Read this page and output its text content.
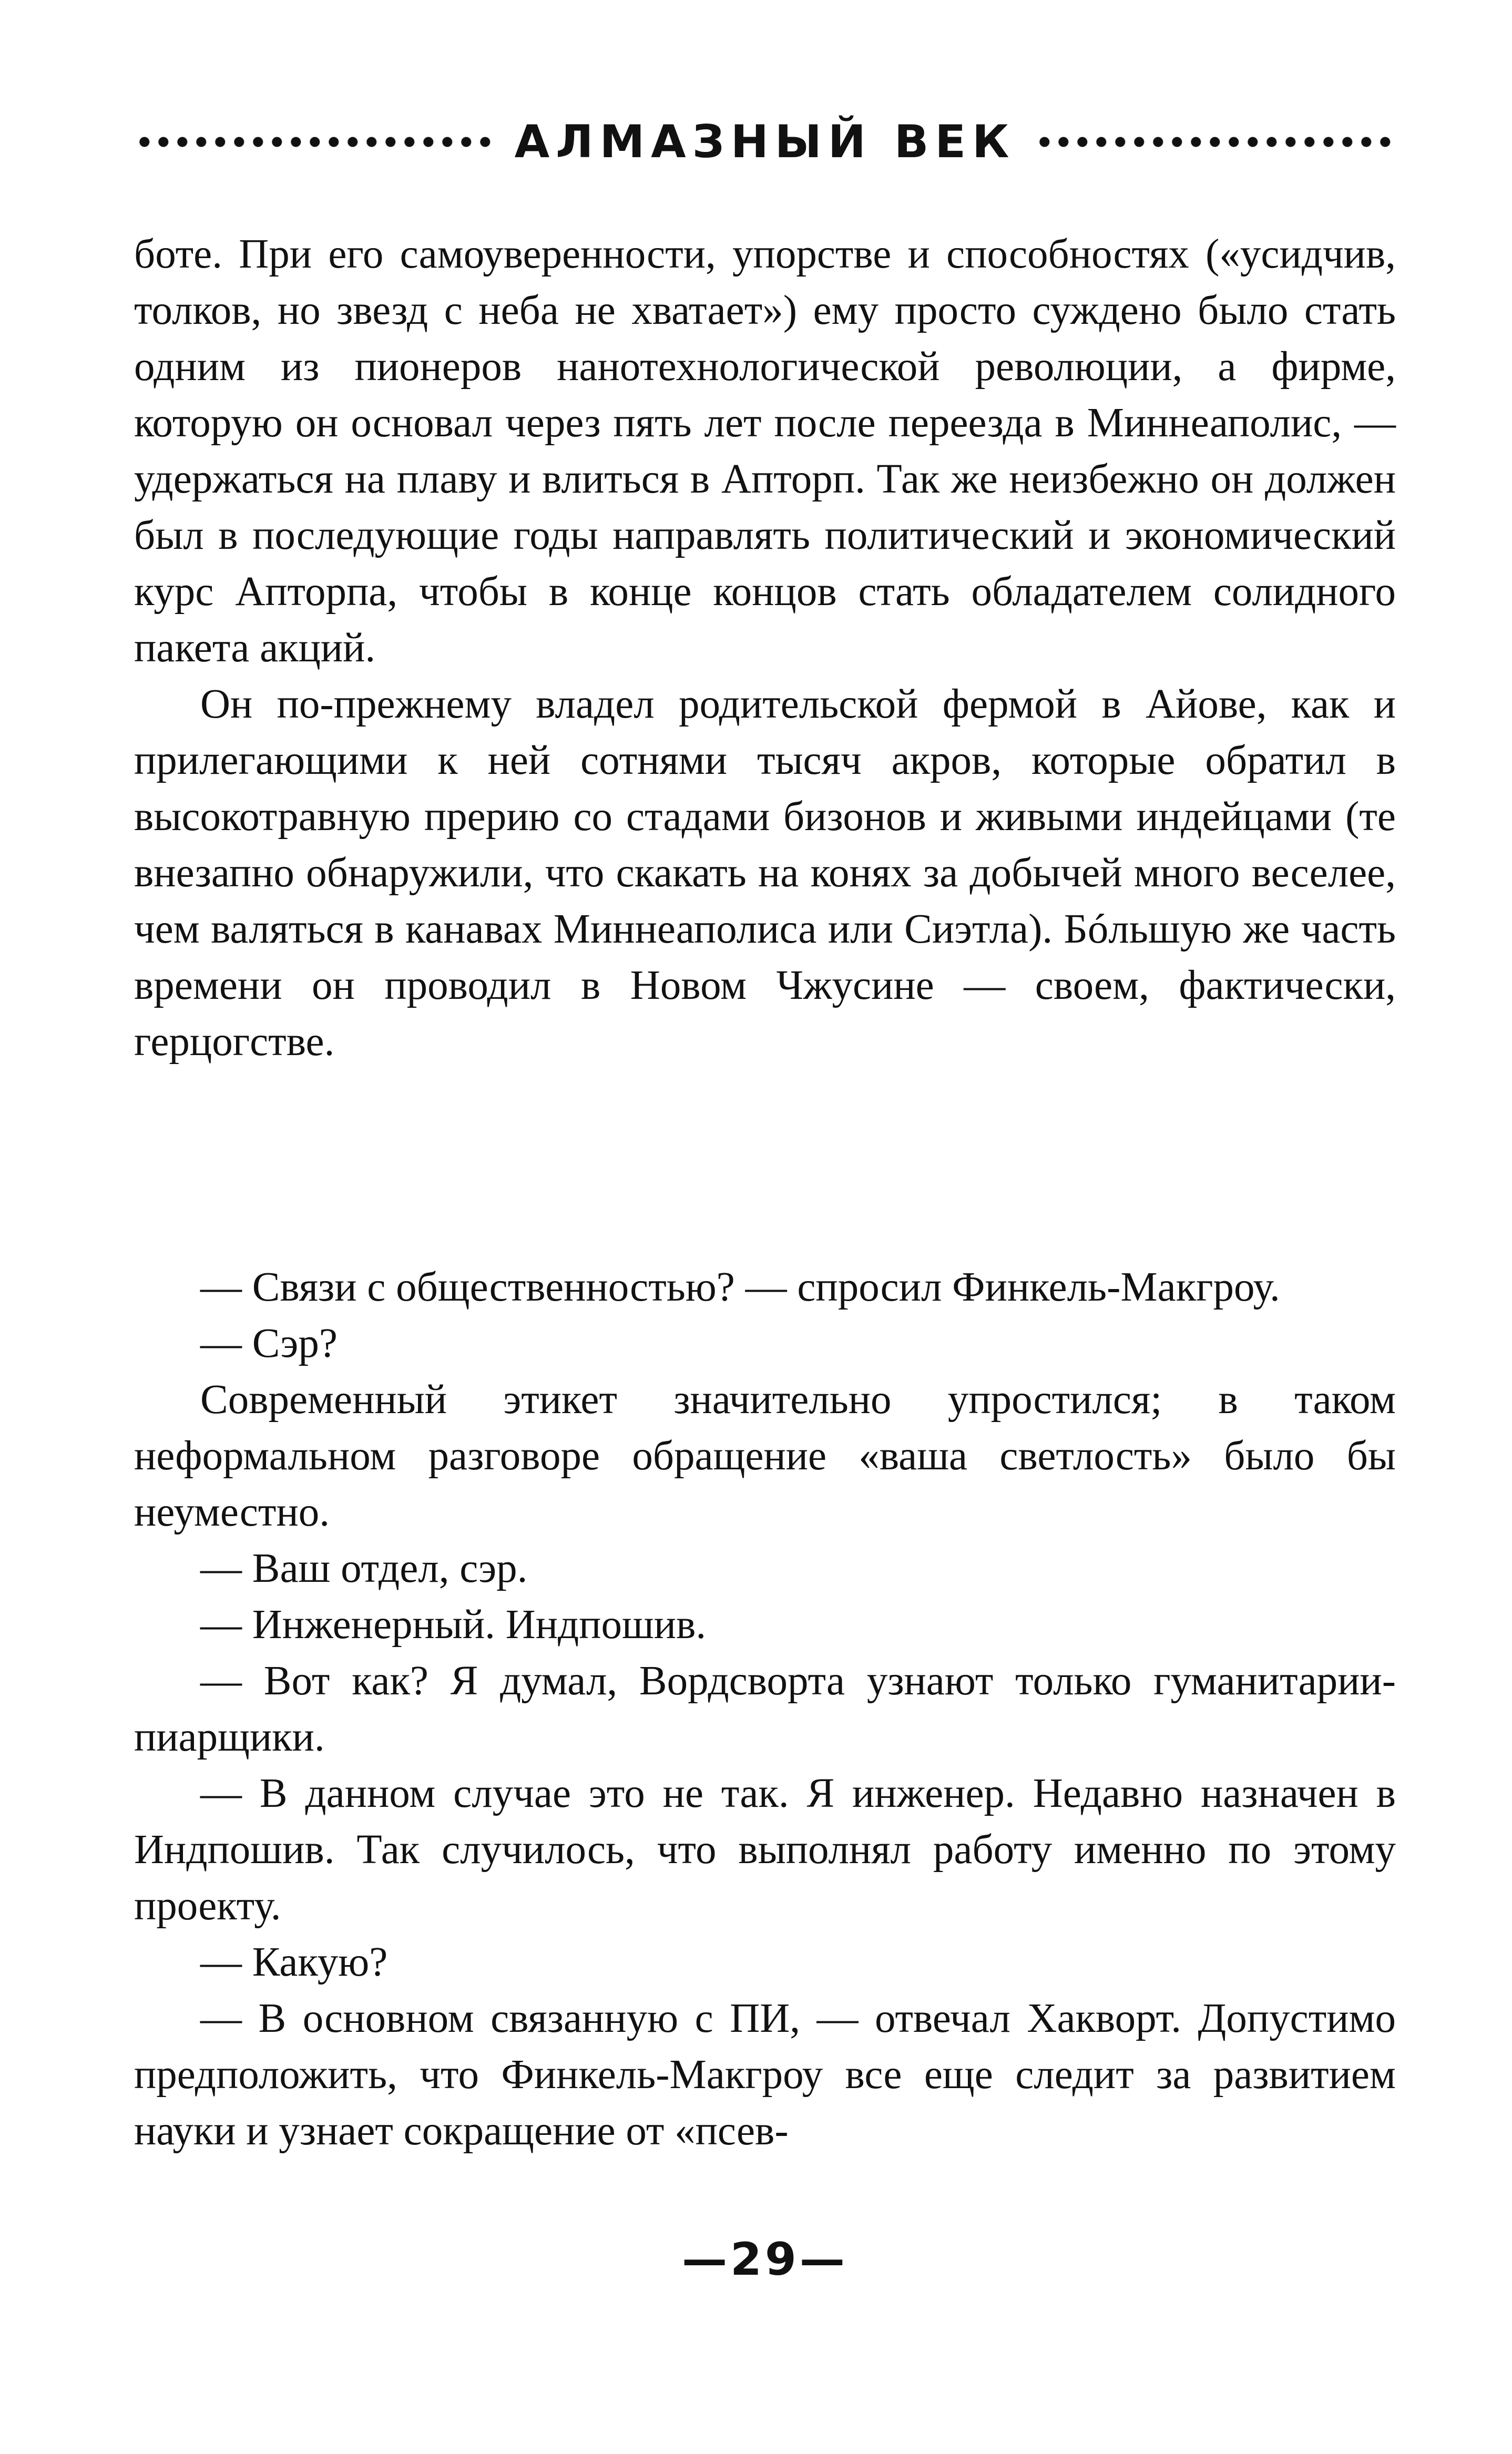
АЛМАЗНЫЙ ВЕК

боте. При его самоуверенности, упорстве и способностях («усидчив, толков, но звезд с неба не хватает») ему просто суждено было стать одним из пионеров нанотехнологической революции, а фирме, которую он основал через пять лет после переезда в Миннеаполис, — удержаться на плаву и влиться в Апторп. Так же неизбежно он должен был в последующие годы направлять политический и экономический курс Апторпа, чтобы в конце концов стать обладателем солидного пакета акций.

Он по-прежнему владел родительской фермой в Айове, как и прилегающими к ней сотнями тысяч акров, которые обратил в высокотравную прерию со стадами бизонов и живыми индейцами (те внезапно обнаружили, что скакать на конях за добычей много веселее, чем валяться в канавах Миннеаполиса или Сиэтла). Бóльшую же часть времени он проводил в Новом Чжусине — своем, фактически, герцогстве.

— Связи с общественностью? — спросил Финкель-Макгроу.

— Сэр?

Современный этикет значительно упростился; в таком неформальном разговоре обращение «ваша светлость» было бы неуместно.

— Ваш отдел, сэр.

— Инженерный. Индпошив.

— Вот как? Я думал, Вордсворта узнают только гуманитарии-пиарщики.

— В данном случае это не так. Я инженер. Недавно назначен в Индпошив. Так случилось, что выполнял работу именно по этому проекту.

— Какую?

— В основном связанную с ПИ, — отвечал Хакворт. Допустимо предположить, что Финкель-Макгроу все еще следит за развитием науки и узнает сокращение от «псев-

—29—
